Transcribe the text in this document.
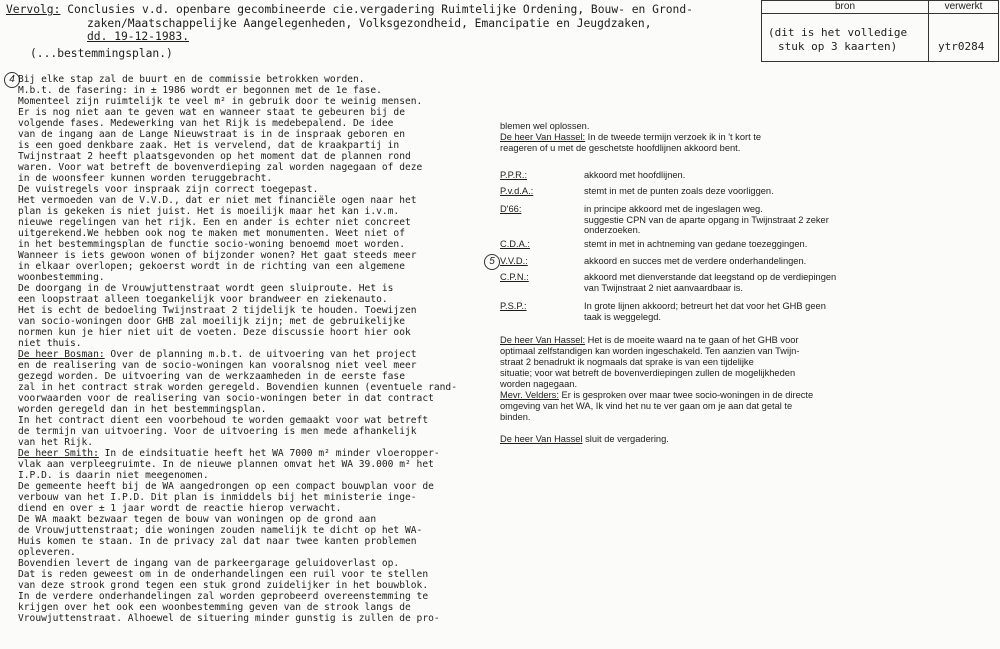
Vervolg: Conclusies v.d. openbare gecombineerde cie.vergadering Ruimtelijke Ordening, Bouw- en Grond-
zaken/Maatschappelijke Aangelegenheden, Volksgezondheid, Emancipatie en Jeugdzaken,
dd. 19-12-1983.
(...bestemmingsplan.)
bron	verwerkt
(dit is het volledige
stuk op 3 kaarten)	ytr0284
4
5
Bij elke stap zal de buurt en de commissie betrokken worden.
M.b.t. de fasering: in ± 1986 wordt er begonnen met de 1e fase.
Momenteel zijn ruimtelijk te veel m² in gebruik door te weinig mensen.
Er is nog niet aan te geven wat en wanneer staat te gebeuren bij de
volgende fases. Medewerking van het Rijk is medebepalend. De idee
van de ingang aan de Lange Nieuwstraat is in de inspraak geboren en
is een goed denkbare zaak. Het is vervelend, dat de kraakpartij in
Twijnstraat 2 heeft plaatsgevonden op het moment dat de plannen rond
waren. Voor wat betreft de bovenverdieping zal worden nagegaan of deze
in de woonsfeer kunnen worden teruggebracht.
De vuistregels voor inspraak zijn correct toegepast.
Het vermoeden van de V.V.D., dat er niet met financiële ogen naar het
plan is gekeken is niet juist. Het is moeilijk maar het kan i.v.m.
nieuwe regelingen van het rijk. Een en ander is echter niet concreet
uitgerekend.We hebben ook nog te maken met monumenten. Weet niet of
in het bestemmingsplan de functie socio-woning benoemd moet worden.
Wanneer is iets gewoon wonen of bijzonder wonen? Het gaat steeds meer
in elkaar overlopen; gekoerst wordt in de richting van een algemene
woonbestemming.
De doorgang in de Vrouwjuttenstraat wordt geen sluiproute. Het is
een loopstraat alleen toegankelijk voor brandweer en ziekenauto.
Het is echt de bedoeling Twijnstraat 2 tijdelijk te houden. Toewijzen
van socio-woningen door GHB zal moeilijk zijn; met de gebruikelijke
normen kun je hier niet uit de voeten. Deze discussie hoort hier ook
niet thuis.
De heer Bosman: Over de planning m.b.t. de uitvoering van het project
en de realisering van de socio-woningen kan vooralsnog niet veel meer
gezegd worden. De uitvoering van de werkzaamheden in de eerste fase
zal in het contract strak worden geregeld. Bovendien kunnen (eventuele rand-
voorwaarden voor de realisering van socio-woningen beter in dat contract
worden geregeld dan in het bestemmingsplan.
In het contract dient een voorbehoud te worden gemaakt voor wat betreft
de termijn van uitvoering. Voor de uitvoering is men mede afhankelijk
van het Rijk.
De heer Smith: In de eindsituatie heeft het WA 7000 m² minder vloeropper-
vlak aan verpleegruimte. In de nieuwe plannen omvat het WA 39.000 m² het
I.P.D. is daarin niet meegenomen.
De gemeente heeft bij de WA aangedrongen op een compact bouwplan voor de
verbouw van het I.P.D. Dit plan is inmiddels bij het ministerie inge-
diend en over ± 1 jaar wordt de reactie hierop verwacht.
De WA maakt bezwaar tegen de bouw van woningen op de grond aan
de Vrouwjuttenstraat; die woningen zouden namelijk te dicht op het WA-
Huis komen te staan. In de privacy zal dat naar twee kanten problemen
opleveren.
Bovendien levert de ingang van de parkeergarage geluidoverlast op.
Dat is reden geweest om in de onderhandelingen een ruil voor te stellen
van deze strook grond tegen een stuk grond zuidelijker in het bouwblok.
In de verdere onderhandelingen zal worden geprobeerd overeenstemming te
krijgen over het ook een woonbestemming geven van de strook langs de
Vrouwjuttenstraat. Alhoewel de situering minder gunstig is zullen de pro-
blemen wel oplossen.
De heer Van Hassel: In de tweede termijn verzoek ik in 't kort te
reageren of u met de geschetste hoofdlijnen akkoord bent.
P.P.R.:	akkoord met hoofdlijnen.
P.v.d.A.:	stemt in met de punten zoals deze voorliggen.
D'66:	in principe akkoord met de ingeslagen weg.
suggestie CPN van de aparte opgang in Twijnstraat 2 zeker
onderzoeken.
C.D.A.:	stemt in met in achtneming van gedane toezeggingen.
V.V.D.:	akkoord en succes met de verdere onderhandelingen.
C.P.N.:	akkoord met dienverstande dat leegstand op de verdiepingen
van Twijnstraat 2 niet aanvaardbaar is.
P.S.P.:	In grote lijnen akkoord; betreurt het dat voor het GHB geen
taak is weggelegd.
De heer Van Hassel: Het is de moeite waard na te gaan of het GHB voor
optimaal zelfstandigen kan worden ingeschakeld. Ten aanzien van Twijn-
straat 2 benadrukt ik nogmaals dat sprake is van een tijdelijke
situatie; voor wat betreft de bovenverdiepingen zullen de mogelijkheden
worden nagegaan.
Mevr. Velders: Er is gesproken over maar twee socio-woningen in de directe
omgeving van het WA, Ik vind het nu te ver gaan om je aan dat getal te
binden.
De heer Van Hassel sluit de vergadering.
